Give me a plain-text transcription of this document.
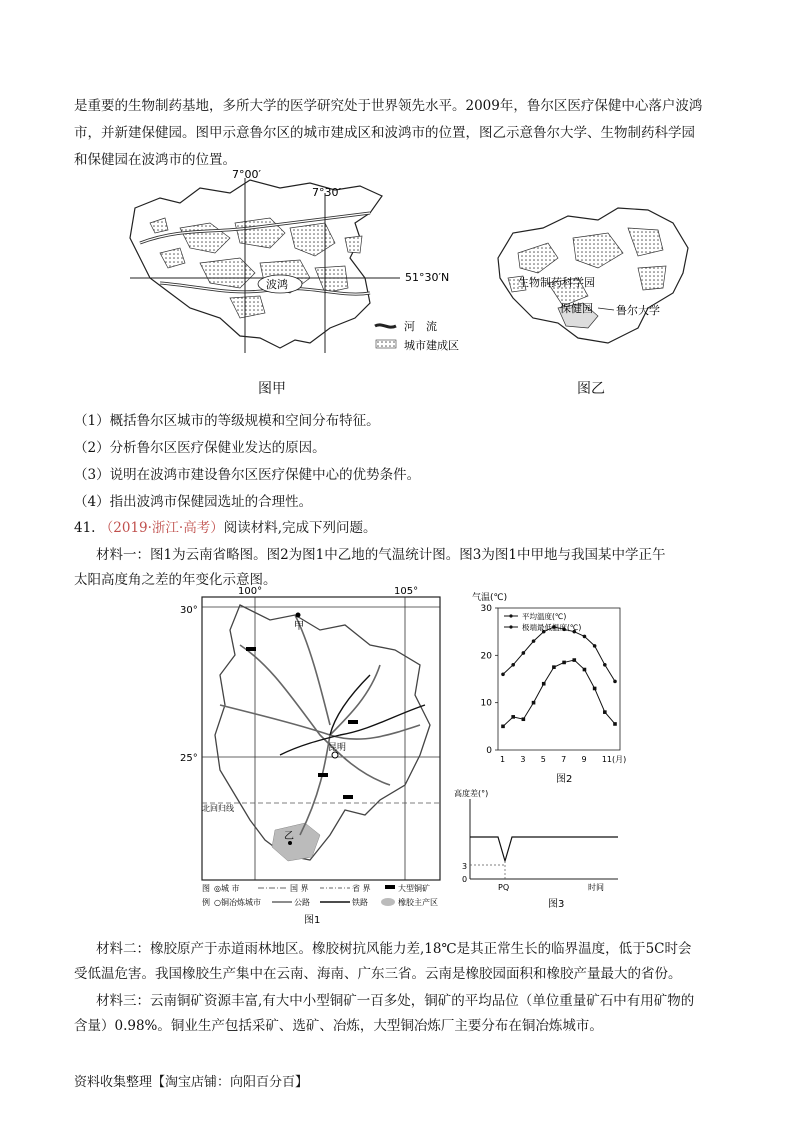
是重要的生物制药基地，多所大学的医学研究处于世界领先水平。2009年，鲁尔区医疗保健中心落户波鸿
市，并新建保健园。图甲示意鲁尔区的城市建成区和波鸿市的位置，图乙示意鲁尔大学、生物制药科学园
和保健园在波鸿市的位置。
7°00′
7°30′
51°30′N
波鸿
河　流
城市建成区
图甲
生物制药科学园
保健园 鲁尔大学
图乙
（1）概括鲁尔区城市的等级规模和空间分布特征。
（2）分析鲁尔区医疗保健业发达的原因。
（3）说明在波鸿市建设鲁尔区医疗保健中心的优势条件。
（4）指出波鸿市保健园选址的合理性。
41. （2019·浙江·高考）阅读材料,完成下列问题。
材料一：图1为云南省略图。图2为图1中乙地的气温统计图。图3为图1中甲地与我国某中学正午
太阳高度角之差的年变化示意图。
100°	105°
30°
25°
北回归线
甲
昆明
乙
图
例
◎城 市	国 界	省 界	大型铜矿
○铜冶炼城市	公路	铁路	橡胶主产区
图1
气温(℃)
0
10
20
30
1 3 5 7 9 11(月)
平均温度(℃)
极端最低温度(℃)
图2
高度差(°)
3
0
PQ	时间
图3
材料二：橡胶原产于赤道雨林地区。橡胶树抗风能力差,18℃是其正常生长的临界温度，低于5C时会
受低温危害。我国橡胶生产集中在云南、海南、广东三省。云南是橡胶园面积和橡胶产量最大的省份。
材料三：云南铜矿资源丰富,有大中小型铜矿一百多处，铜矿的平均品位（单位重量矿石中有用矿物的
含量）0.98%。铜业生产包括采矿、选矿、冶炼，大型铜冶炼厂主要分布在铜冶炼城市。
资料收集整理【淘宝店铺：向阳百分百】
